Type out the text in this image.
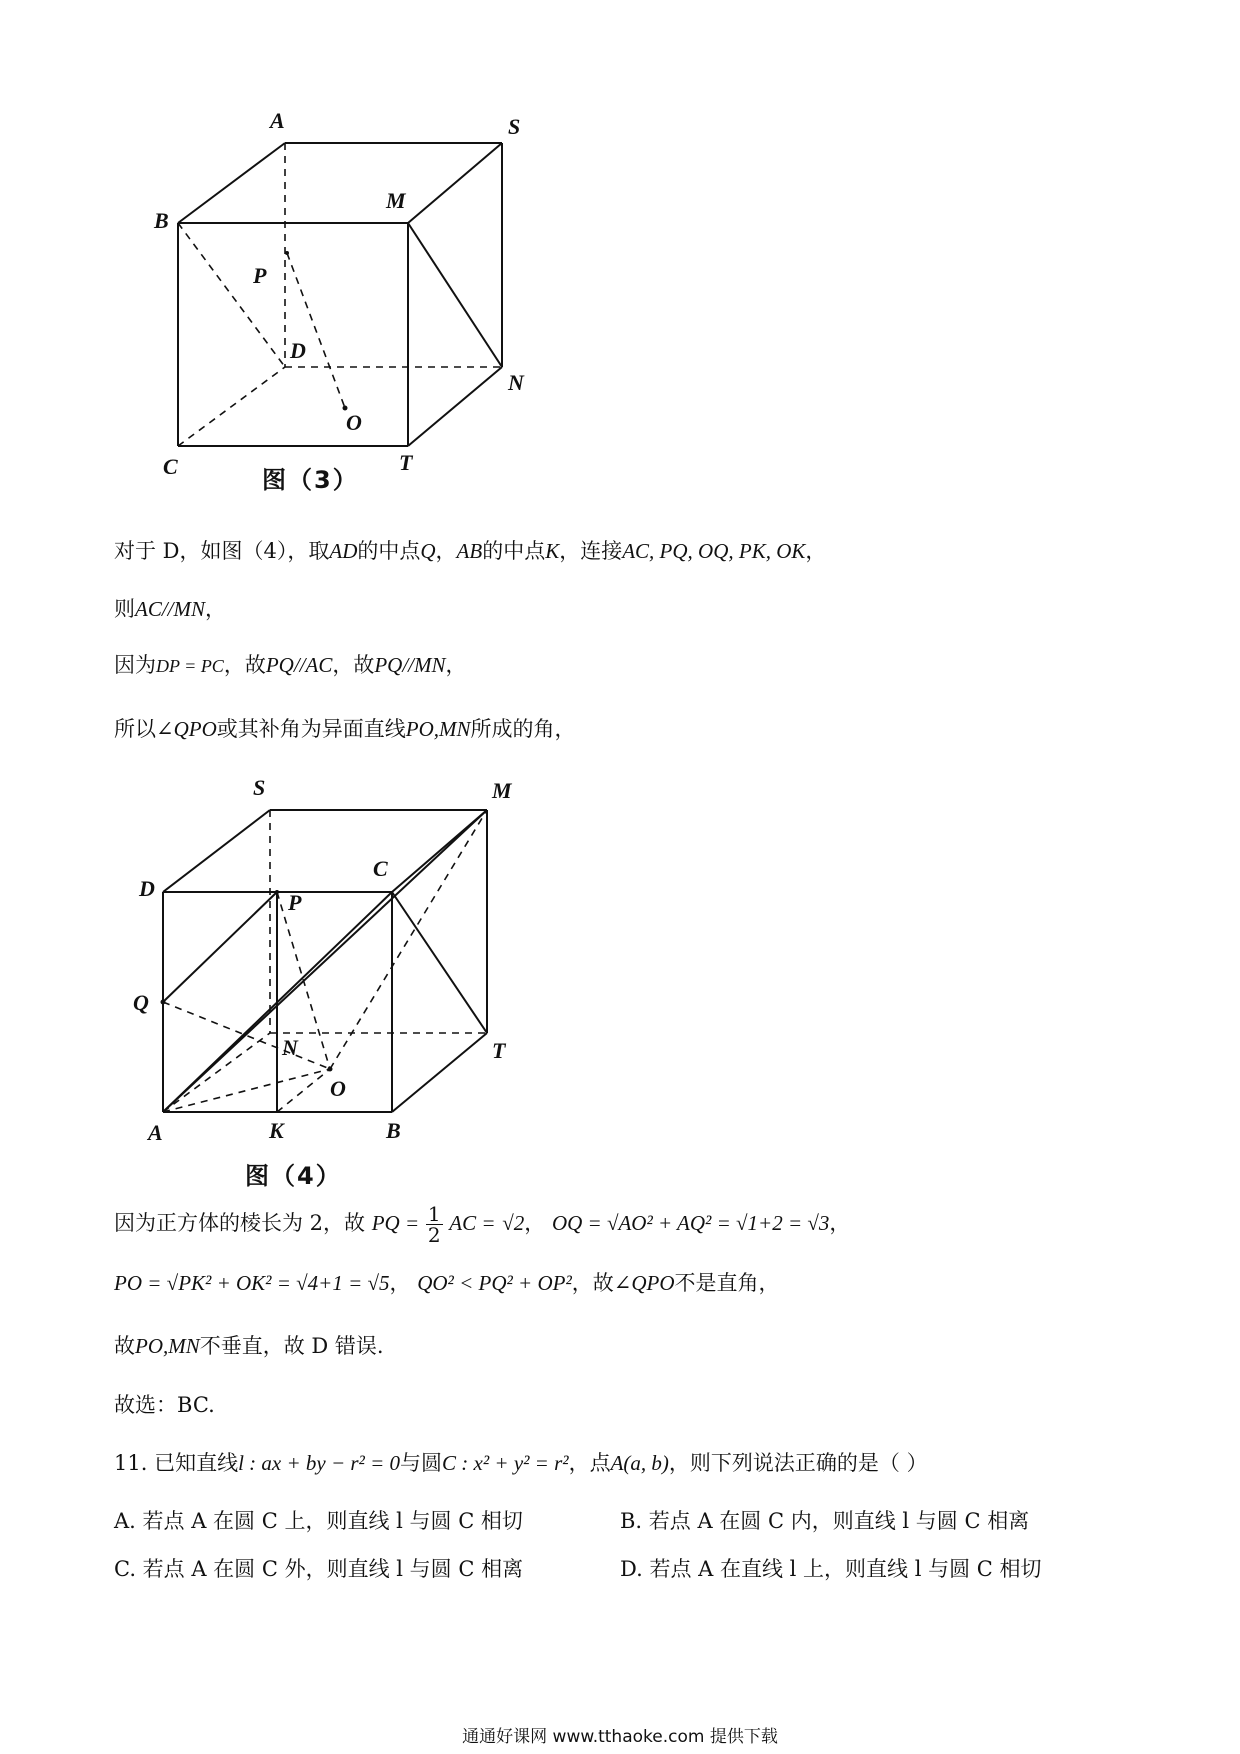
A	S
B
M
P
D
N
O
C	T
图（3）
对于 D，如图（4），取AD的中点Q，AB的中点K，连接AC, PQ, OQ, PK, OK，
则AC//MN，
因为DP = PC，故PQ//AC，故PQ//MN，
所以∠QPO或其补角为异面直线PO,MN所成的角，
S	M
D
C
P
Q
N	T
O
A	K	B
图（4）
因为正方体的棱长为 2，故 PQ = $\frac{1}{2}$ AC = √2， OQ = √AO² + AQ² = √1+2 = √3，
PO = √PK² + OK² = √4+1 = √5， QO² < PQ² + OP²，故∠QPO不是直角，
故PO,MN不垂直，故 D 错误.
故选：BC.
11. 已知直线l : ax + by − r² = 0与圆C : x² + y² = r²，点A(a, b)，则下列说法正确的是（ ）
A. 若点 A 在圆 C 上，则直线 l 与圆 C 相切	B. 若点 A 在圆 C 内，则直线 l 与圆 C 相离
C. 若点 A 在圆 C 外，则直线 l 与圆 C 相离	D. 若点 A 在直线 l 上，则直线 l 与圆 C 相切
通通好课网 www.tthaoke.com 提供下载
